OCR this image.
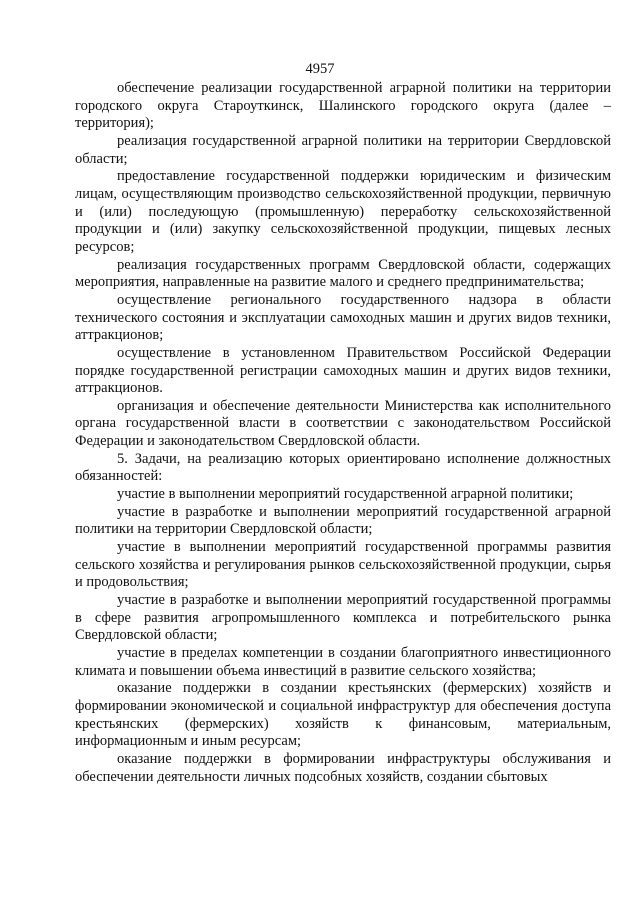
4957

обеспечение реализации государственной аграрной политики на территории городского округа Староуткинск, Шалинского городского округа (далее – территория);

реализация государственной аграрной политики на территории Свердловской области;

предоставление государственной поддержки юридическим и физическим лицам, осуществляющим производство сельскохозяйственной продукции, первичную и (или) последующую (промышленную) переработку сельскохозяйственной продукции и (или) закупку сельскохозяйственной продукции, пищевых лесных ресурсов;

реализация государственных программ Свердловской области, содержащих мероприятия, направленные на развитие малого и среднего предпринимательства;

осуществление регионального государственного надзора в области технического состояния и эксплуатации самоходных машин и других видов техники, аттракционов;

осуществление в установленном Правительством Российской Федерации порядке государственной регистрации самоходных машин и других видов техники, аттракционов.

организация и обеспечение деятельности Министерства как исполнительного органа государственной власти в соответствии с законодательством Российской Федерации и законодательством Свердловской области.

5. Задачи, на реализацию которых ориентировано исполнение должностных обязанностей:

участие в выполнении мероприятий государственной аграрной политики;

участие в разработке и выполнении мероприятий государственной аграрной политики на территории Свердловской области;

участие в выполнении мероприятий государственной программы развития сельского хозяйства и регулирования рынков сельскохозяйственной продукции, сырья и продовольствия;

участие в разработке и выполнении мероприятий государственной программы в сфере развития агропромышленного комплекса и потребительского рынка Свердловской области;

участие в пределах компетенции в создании благоприятного инвестиционного климата и повышении объема инвестиций в развитие сельского хозяйства;

оказание поддержки в создании крестьянских (фермерских) хозяйств и формировании экономической и социальной инфраструктур для обеспечения доступа крестьянских (фермерских) хозяйств к финансовым, материальным, информационным и иным ресурсам;

оказание поддержки в формировании инфраструктуры обслуживания и обеспечении деятельности личных подсобных хозяйств, создании сбытовых
